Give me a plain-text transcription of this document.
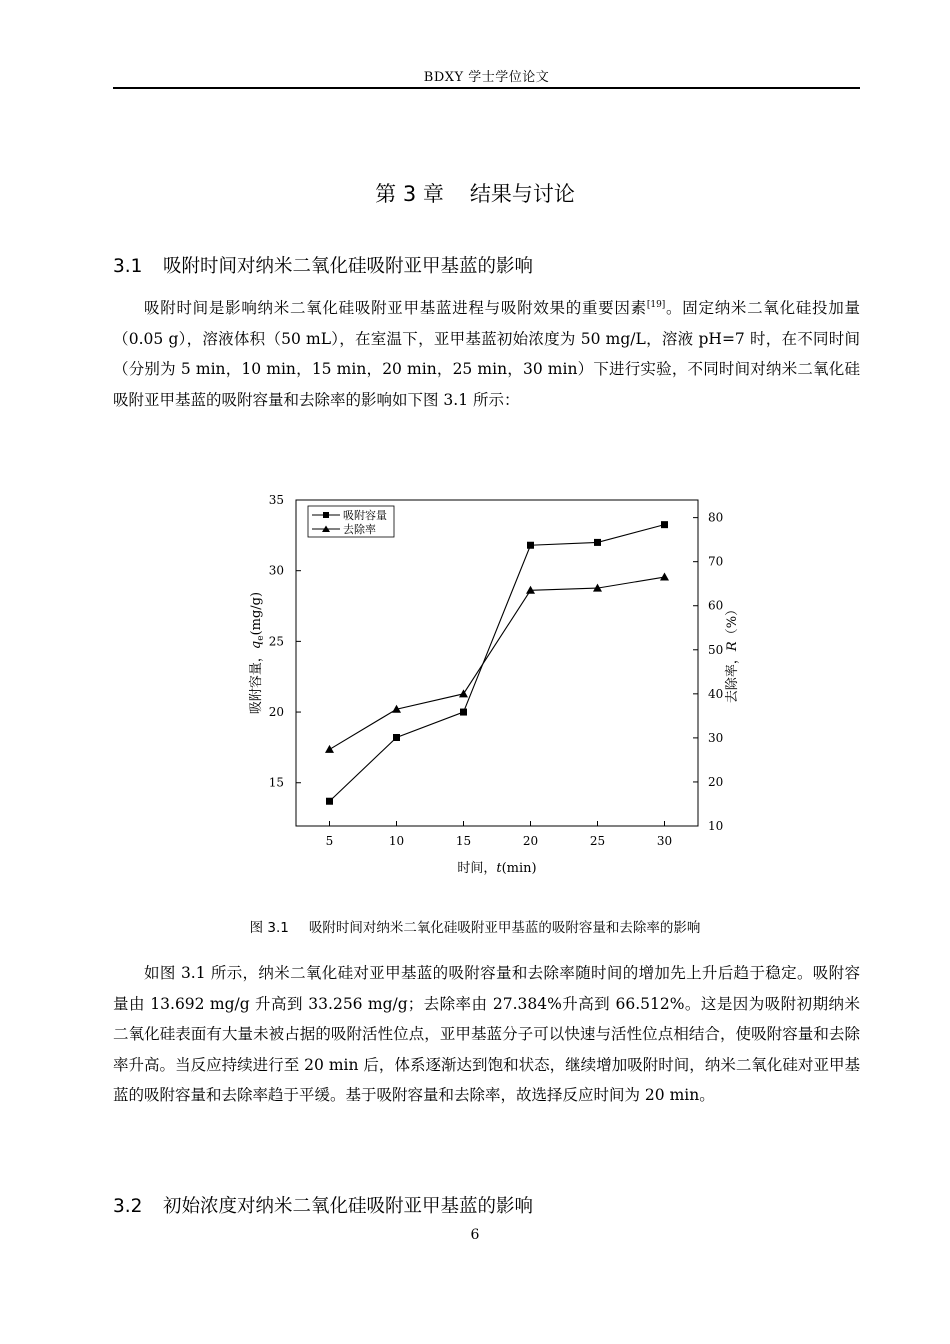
BDXY 学士学位论文
第 3 章 结果与讨论
3.1 吸附时间对纳米二氧化硅吸附亚甲基蓝的影响

吸附时间是影响纳米二氧化硅吸附亚甲基蓝进程与吸附效果的重要因素[19]。固定纳米二氧化硅投加量（0.05 g），溶液体积（50 mL），在室温下，亚甲基蓝初始浓度为 50 mg/L，溶液 pH=7 时，在不同时间（分别为 5 min，10 min，15 min，20 min，25 min，30 min）下进行实验，不同时间对纳米二氧化硅吸附亚甲基蓝的吸附容量和去除率的影响如下图 3.1 所示：

5	10	15	20	25	30
15
20
25
30
35
10
20
30
40
50
60
70
80
吸附容量
去除率
时间，t(min)
吸附容量，$q_e(mg/g)$
去除率，R（%）
图 3.1 吸附时间对纳米二氧化硅吸附亚甲基蓝的吸附容量和去除率的影响

如图 3.1 所示，纳米二氧化硅对亚甲基蓝的吸附容量和去除率随时间的增加先上升后趋于稳定。吸附容量由 13.692 mg/g 升高到 33.256 mg/g；去除率由 27.384%升高到 66.512%。这是因为吸附初期纳米二氧化硅表面有大量未被占据的吸附活性位点，亚甲基蓝分子可以快速与活性位点相结合，使吸附容量和去除率升高。当反应持续进行至 20 min 后，体系逐渐达到饱和状态，继续增加吸附时间，纳米二氧化硅对亚甲基蓝的吸附容量和去除率趋于平缓。基于吸附容量和去除率，故选择反应时间为 20 min。

3.2 初始浓度对纳米二氧化硅吸附亚甲基蓝的影响
6
